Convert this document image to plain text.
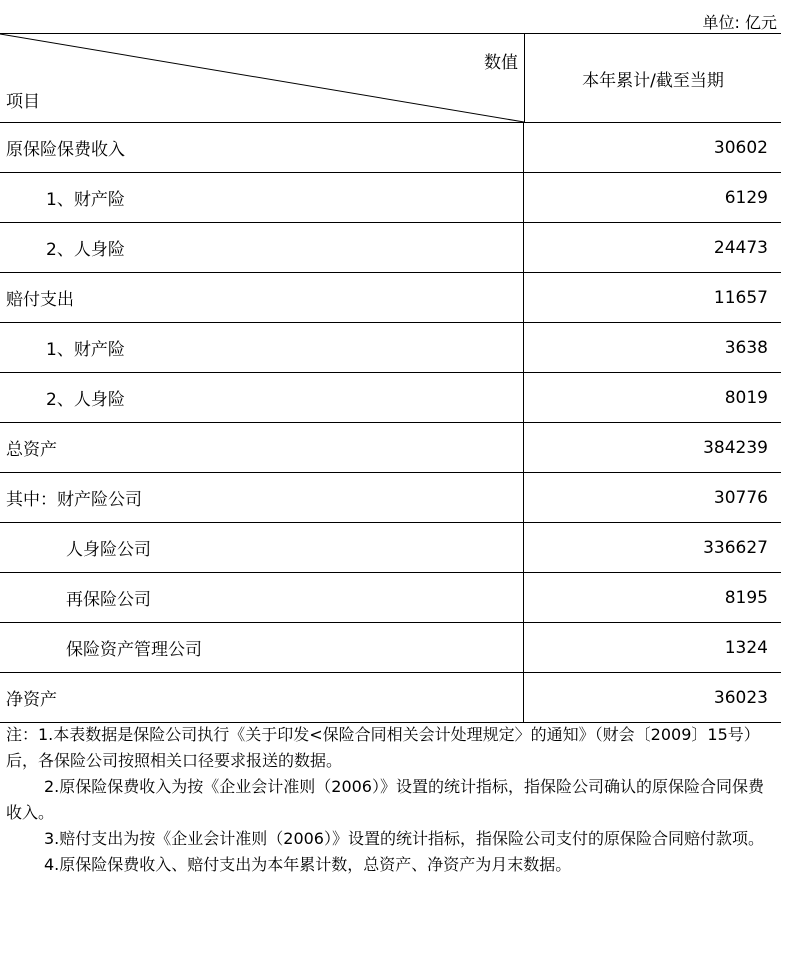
单位: 亿元
数值
项目
本年累计/截至当期
原保险保费收入	30602
1、财产险	6129
2、人身险	24473
赔付支出	11657
1、财产险	3638
2、人身险	8019
总资产	384239
其中：财产险公司	30776
人身险公司	336627
再保险公司	8195
保险资产管理公司	1324
净资产	36023

注：1.本表数据是保险公司执行《关于印发<保险合同相关会计处理规定〉的通知》（财会〔2009〕15号）后，各保险公司按照相关口径要求报送的数据。

2.原保险保费收入为按《企业会计准则（2006）》设置的统计指标，指保险公司确认的原保险合同保费收入。

3.赔付支出为按《企业会计准则（2006）》设置的统计指标，指保险公司支付的原保险合同赔付款项。

4.原保险保费收入、赔付支出为本年累计数，总资产、净资产为月末数据。
